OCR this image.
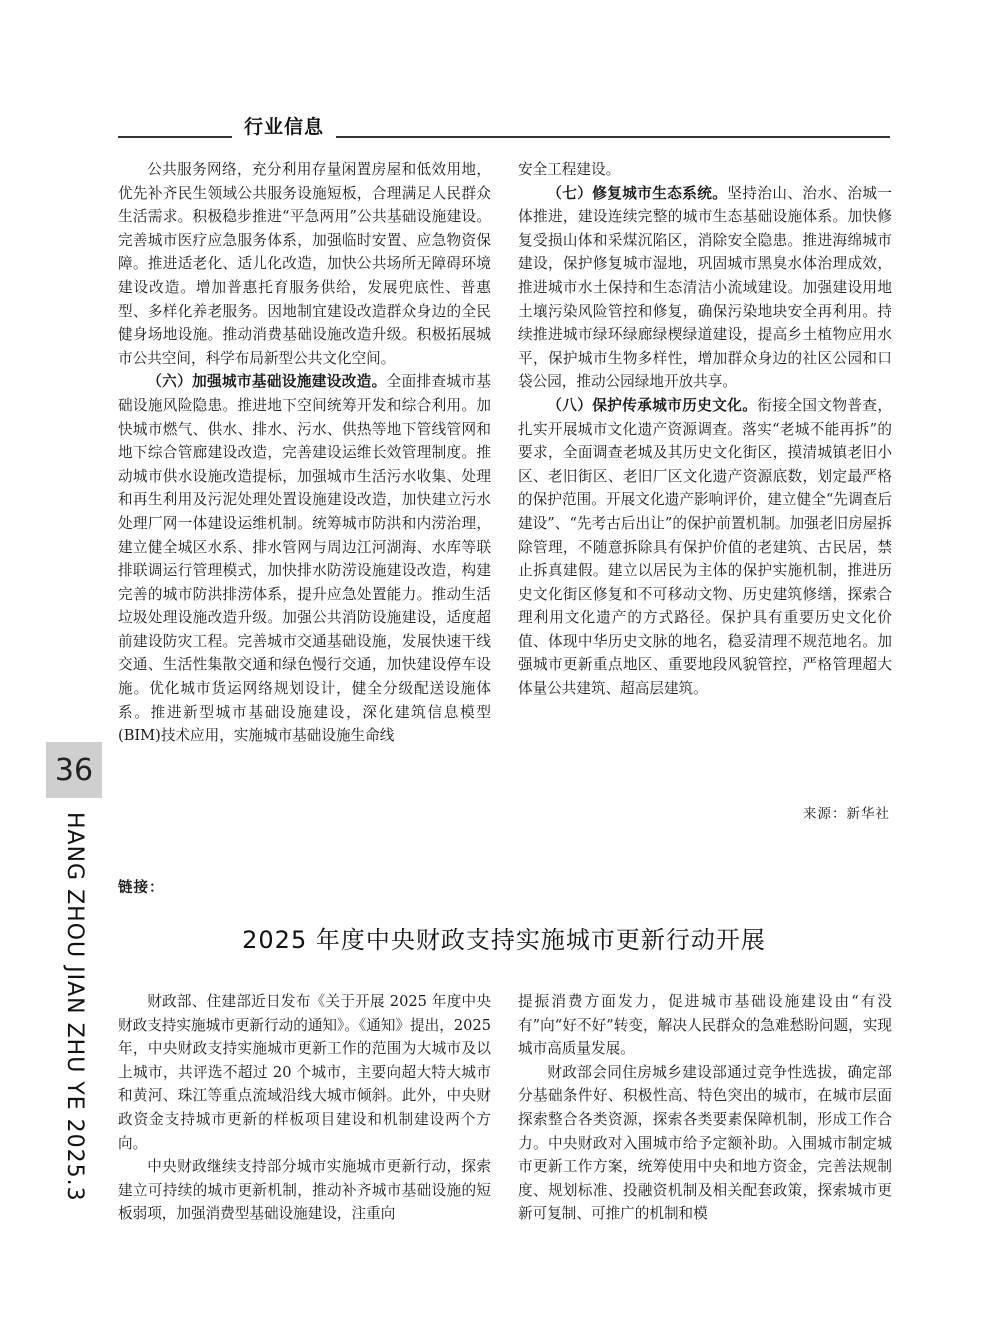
行业信息

公共服务网络，充分利用存量闲置房屋和低效用地，优先补齐民生领域公共服务设施短板，合理满足人民群众生活需求。积极稳步推进“平急两用”公共基础设施建设。完善城市医疗应急服务体系，加强临时安置、应急物资保障。推进适老化、适儿化改造，加快公共场所无障碍环境建设改造。增加普惠托育服务供给，发展兜底性、普惠型、多样化养老服务。因地制宜建设改造群众身边的全民健身场地设施。推动消费基础设施改造升级。积极拓展城市公共空间，科学布局新型公共文化空间。

（六）加强城市基础设施建设改造。全面排查城市基础设施风险隐患。推进地下空间统筹开发和综合利用。加快城市燃气、供水、排水、污水、供热等地下管线管网和地下综合管廊建设改造，完善建设运维长效管理制度。推动城市供水设施改造提标，加强城市生活污水收集、处理和再生利用及污泥处理处置设施建设改造，加快建立污水处理厂网一体建设运维机制。统筹城市防洪和内涝治理，建立健全城区水系、排水管网与周边江河湖海、水库等联排联调运行管理模式，加快排水防涝设施建设改造，构建完善的城市防洪排涝体系，提升应急处置能力。推动生活垃圾处理设施改造升级。加强公共消防设施建设，适度超前建设防灾工程。完善城市交通基础设施，发展快速干线交通、生活性集散交通和绿色慢行交通，加快建设停车设施。优化城市货运网络规划设计，健全分级配送设施体系。推进新型城市基础设施建设，深化建筑信息模型(BIM)技术应用，实施城市基础设施生命线

安全工程建设。

（七）修复城市生态系统。坚持治山、治水、治城一体推进，建设连续完整的城市生态基础设施体系。加快修复受损山体和采煤沉陷区，消除安全隐患。推进海绵城市建设，保护修复城市湿地，巩固城市黑臭水体治理成效，推进城市水土保持和生态清洁小流域建设。加强建设用地土壤污染风险管控和修复，确保污染地块安全再利用。持续推进城市绿环绿廊绿楔绿道建设，提高乡土植物应用水平，保护城市生物多样性，增加群众身边的社区公园和口袋公园，推动公园绿地开放共享。

（八）保护传承城市历史文化。衔接全国文物普查，扎实开展城市文化遗产资源调查。落实“老城不能再拆”的要求，全面调查老城及其历史文化街区，摸清城镇老旧小区、老旧街区、老旧厂区文化遗产资源底数，划定最严格的保护范围。开展文化遗产影响评价，建立健全“先调查后建设”、“先考古后出让”的保护前置机制。加强老旧房屋拆除管理，不随意拆除具有保护价值的老建筑、古民居，禁止拆真建假。建立以居民为主体的保护实施机制，推进历史文化街区修复和不可移动文物、历史建筑修缮，探索合理利用文化遗产的方式路径。保护具有重要历史文化价值、体现中华历史文脉的地名，稳妥清理不规范地名。加强城市更新重点地区、重要地段风貌管控，严格管理超大体量公共建筑、超高层建筑。

来源：新华社
36
HANG ZHOU JIAN ZHU YE 2025.3	链接：
2025 年度中央财政支持实施城市更新行动开展

财政部、住建部近日发布《关于开展 2025 年度中央财政支持实施城市更新行动的通知》。《通知》提出，2025 年，中央财政支持实施城市更新工作的范围为大城市及以上城市，共评选不超过 20 个城市，主要向超大特大城市和黄河、珠江等重点流域沿线大城市倾斜。此外，中央财政资金支持城市更新的样板项目建设和机制建设两个方向。

中央财政继续支持部分城市实施城市更新行动，探索建立可持续的城市更新机制，推动补齐城市基础设施的短板弱项，加强消费型基础设施建设，注重向

提振消费方面发力，促进城市基础设施建设由“有没有”向“好不好”转变，解决人民群众的急难愁盼问题，实现城市高质量发展。

财政部会同住房城乡建设部通过竞争性选拔，确定部分基础条件好、积极性高、特色突出的城市，在城市层面探索整合各类资源，探索各类要素保障机制，形成工作合力。中央财政对入围城市给予定额补助。入围城市制定城市更新工作方案，统筹使用中央和地方资金，完善法规制度、规划标准、投融资机制及相关配套政策，探索城市更新可复制、可推广的机制和模
